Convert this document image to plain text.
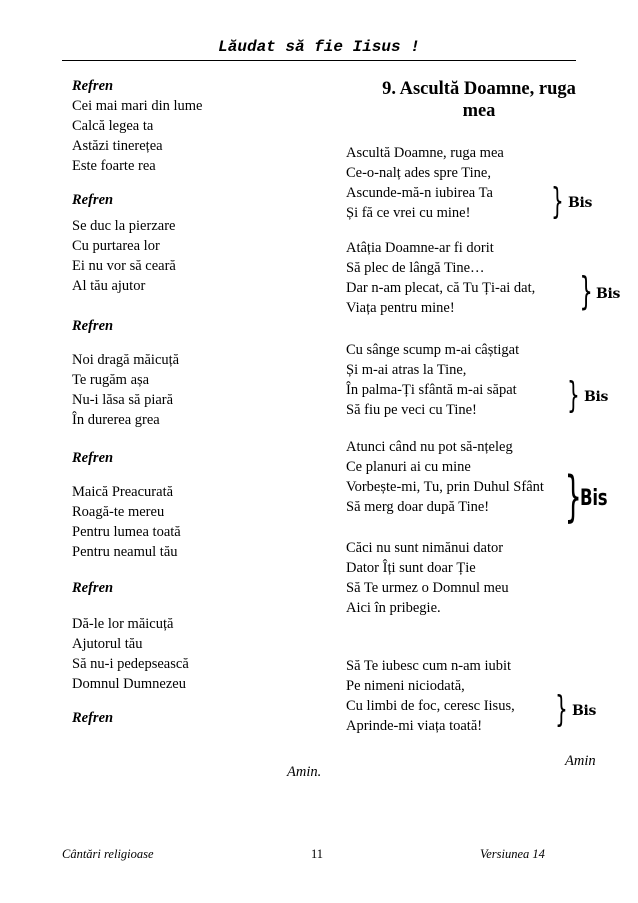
Lăudat să fie Iisus !
Refren
Cei mai mari din lume
Calcă legea ta
Astăzi tinerețea
Este foarte rea
Refren
Se duc la pierzare
Cu purtarea lor
Ei nu vor să ceară
Al tău ajutor
Refren
Noi dragă măicuță
Te rugăm așa
Nu-i lăsa să piară
În durerea grea
Refren
Maică Preacurată
Roagă-te mereu
Pentru lumea toată
Pentru neamul tău
Refren
Dă-le lor măicuță
Ajutorul tău
Să nu-i pedepsească
Domnul Dumnezeu
Refren
Amin.
9. Ascultă Doamne, ruga
mea
Ascultă Doamne, ruga mea
Ce-o-nalț ades spre Tine,
Ascunde-mă-n iubirea Ta
Și fă ce vrei cu mine!	} Bis
Atâția Doamne-ar fi dorit
Să plec de lângă Tine…
Dar n-am plecat, că Tu Ți-ai dat,
Viața pentru mine!	} Bis
Cu sânge scump m-ai câștigat
Și m-ai atras la Tine,
În palma-Ți sfântă m-ai săpat
Să fiu pe veci cu Tine!	} Bis
Atunci când nu pot să-nțeleg
Ce planuri ai cu mine
Vorbește-mi, Tu, prin Duhul Sfânt
Să merg doar după Tine!	}
Bis
Căci nu sunt nimănui dator
Dator Îți sunt doar Ție
Să Te urmez o Domnul meu
Aici în pribegie.
Să Te iubesc cum n-am iubit
Pe nimeni niciodată,
Cu limbi de foc, ceresc Iisus,
Aprinde-mi viața toată!	} Bis
Amin
Cântări religioase	11	Versiunea 14
